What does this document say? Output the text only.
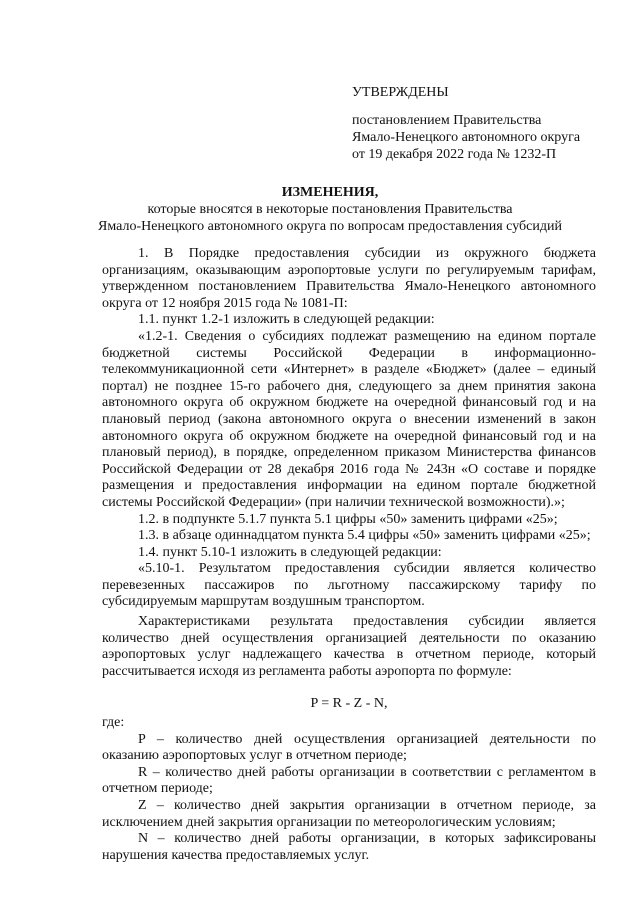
УТВЕРЖДЕНЫ
постановлением Правительства
Ямало-Ненецкого автономного округа
от 19 декабря 2022 года № 1232-П
ИЗМЕНЕНИЯ,
которые вносятся в некоторые постановления Правительства
Ямало-Ненецкого автономного округа по вопросам предоставления субсидий

1. В Порядке предоставления субсидии из окружного бюджета организациям, оказывающим аэропортовые услуги по регулируемым тарифам, утвержденном постановлением Правительства Ямало-Ненецкого автономного округа от 12 ноября 2015 года № 1081-П:

1.1. пункт 1.2-1 изложить в следующей редакции:

«1.2-1. Сведения о субсидиях подлежат размещению на едином портале бюджетной системы Российской Федерации в информационно-телекоммуникационной сети «Интернет» в разделе «Бюджет» (далее – единый портал) не позднее 15-го рабочего дня, следующего за днем принятия закона автономного округа об окружном бюджете на очередной финансовый год и на плановый период (закона автономного округа о внесении изменений в закон автономного округа об окружном бюджете на очередной финансовый год и на плановый период), в порядке, определенном приказом Министерства финансов Российской Федерации от 28 декабря 2016 года № 243н «О составе и порядке размещения и предоставления информации на едином портале бюджетной системы Российской Федерации» (при наличии технической возможности).»;

1.2. в подпункте 5.1.7 пункта 5.1 цифры «50» заменить цифрами «25»;

1.3. в абзаце одиннадцатом пункта 5.4 цифры «50» заменить цифрами «25»;

1.4. пункт 5.10-1 изложить в следующей редакции:

«5.10-1. Результатом предоставления субсидии является количество перевезенных пассажиров по льготному пассажирскому тарифу по субсидируемым маршрутам воздушным транспортом.

Характеристиками результата предоставления субсидии является количество дней осуществления организацией деятельности по оказанию аэропортовых услуг надлежащего качества в отчетном периоде, который рассчитывается исходя из регламента работы аэропорта по формуле:

P = R - Z - N,

где:

P – количество дней осуществления организацией деятельности по оказанию аэропортовых услуг в отчетном периоде;

R – количество дней работы организации в соответствии с регламентом в отчетном периоде;

Z – количество дней закрытия организации в отчетном периоде, за исключением дней закрытия организации по метеорологическим условиям;

N – количество дней работы организации, в которых зафиксированы нарушения качества предоставляемых услуг.
